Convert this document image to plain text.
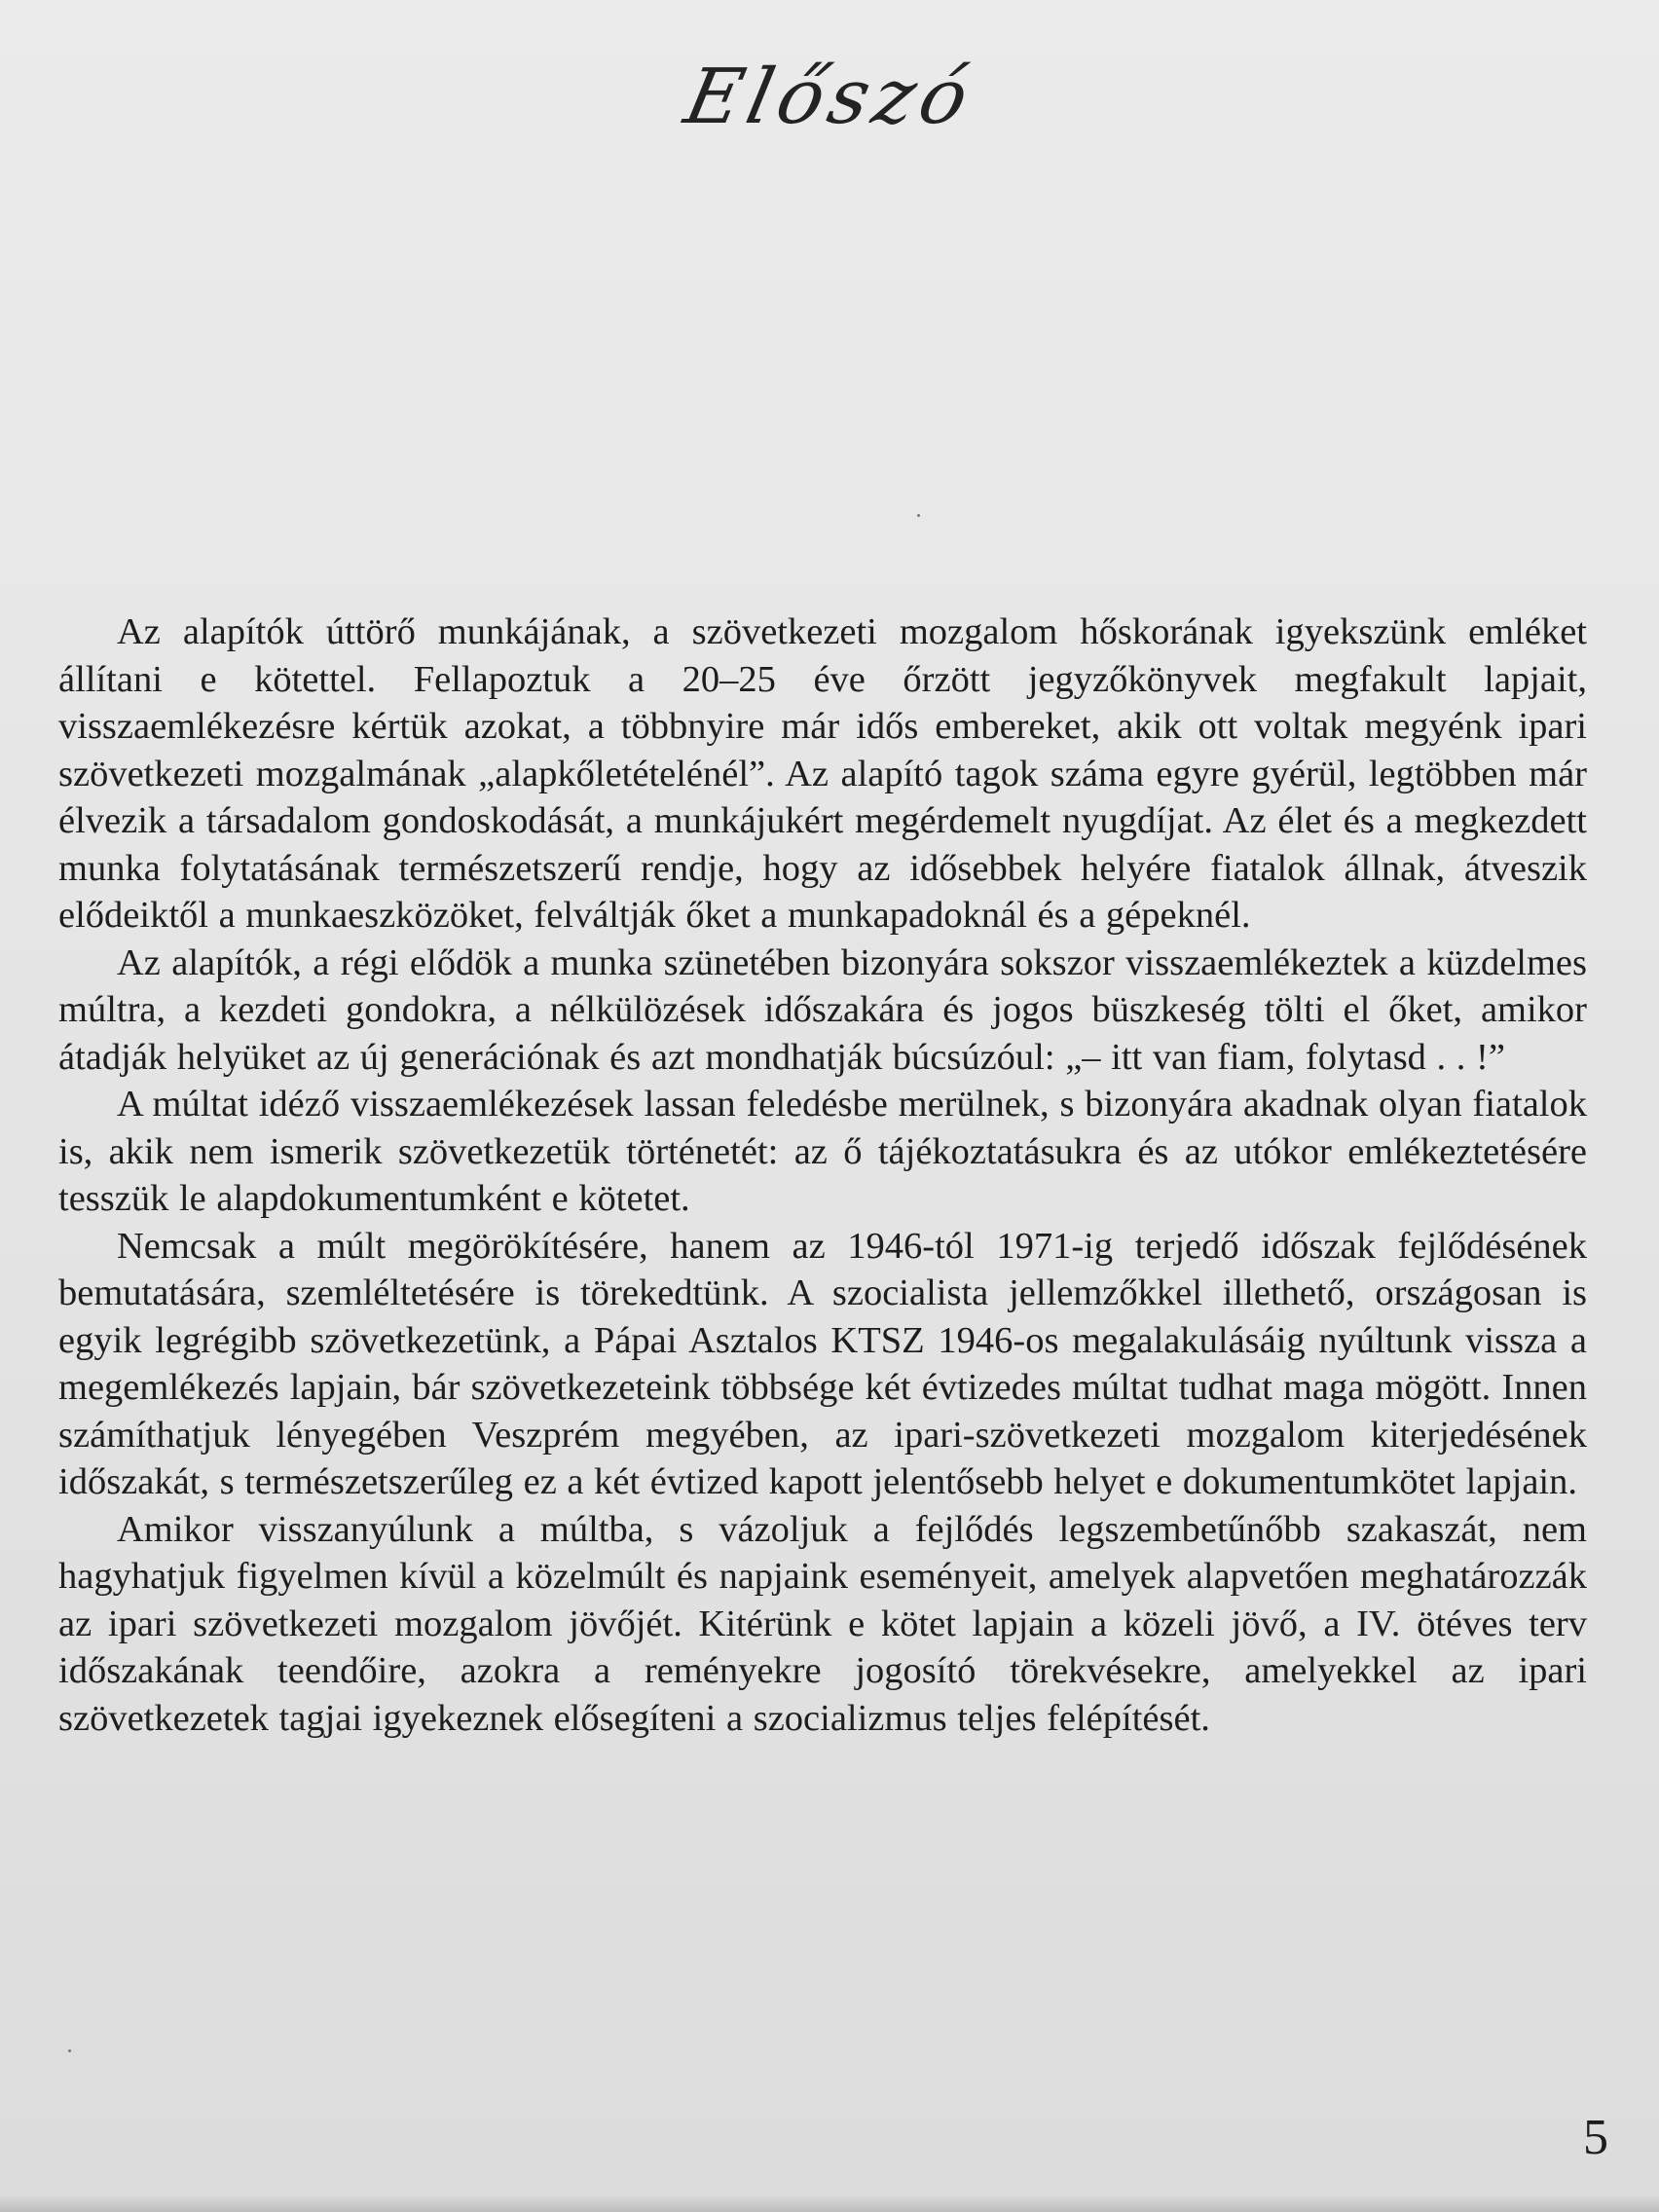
Előszó

Az alapítók úttörő munkájának, a szövetkezeti mozgalom hőskorának igyekszünk emléket állítani e kötettel. Fellapoztuk a 20–25 éve őrzött jegyzőkönyvek megfakult lapjait, visszaemlékezésre kértük azokat, a többnyire már idős embereket, akik ott voltak megyénk ipari szövetkezeti mozgalmának „alapkőletételénél”. Az alapító tagok száma egyre gyérül, legtöbben már élvezik a társadalom gondoskodását, a munkájukért megérdemelt nyugdíjat. Az élet és a megkezdett munka folytatásának természetszerű rendje, hogy az idősebbek helyére fiatalok állnak, átveszik elődeiktől a munkaeszközöket, felváltják őket a munkapadoknál és a gépeknél.

Az alapítók, a régi elődök a munka szünetében bizonyára sokszor visszaemlékeztek a küzdelmes múltra, a kezdeti gondokra, a nélkülözések időszakára és jogos büszkeség tölti el őket, amikor átadják helyüket az új generációnak és azt mondhatják búcsúzóul: „– itt van fiam, folytasd . . !”

A múltat idéző visszaemlékezések lassan feledésbe merülnek, s bizonyára akadnak olyan fiatalok is, akik nem ismerik szövetkezetük történetét: az ő tájékoztatásukra és az utókor emlékeztetésére tesszük le alapdokumentumként e kötetet.

Nemcsak a múlt megörökítésére, hanem az 1946-tól 1971-ig terjedő időszak fejlődésének bemutatására, szemléltetésére is törekedtünk. A szocialista jellemzőkkel illethető, országosan is egyik legrégibb szövetkezetünk, a Pápai Asztalos KTSZ 1946-os megalakulásáig nyúltunk vissza a megemlékezés lapjain, bár szövetkezeteink többsége két évtizedes múltat tudhat maga mögött. Innen számíthatjuk lényegében Veszprém megyében, az ipari-szövetkezeti mozgalom kiterjedésének időszakát, s természetszerűleg ez a két évtized kapott jelentősebb helyet e dokumentumkötet lapjain.

Amikor visszanyúlunk a múltba, s vázoljuk a fejlődés legszembetűnőbb szakaszát, nem hagyhatjuk figyelmen kívül a közelmúlt és napjaink eseményeit, amelyek alapvetően meghatározzák az ipari szövetkezeti mozgalom jövőjét. Kitérünk e kötet lapjain a közeli jövő, a IV. ötéves terv időszakának teendőire, azokra a reményekre jogosító törekvésekre, amelyekkel az ipari szövetkezetek tagjai igyekeznek elősegíteni a szocializmus teljes felépítését.

5
